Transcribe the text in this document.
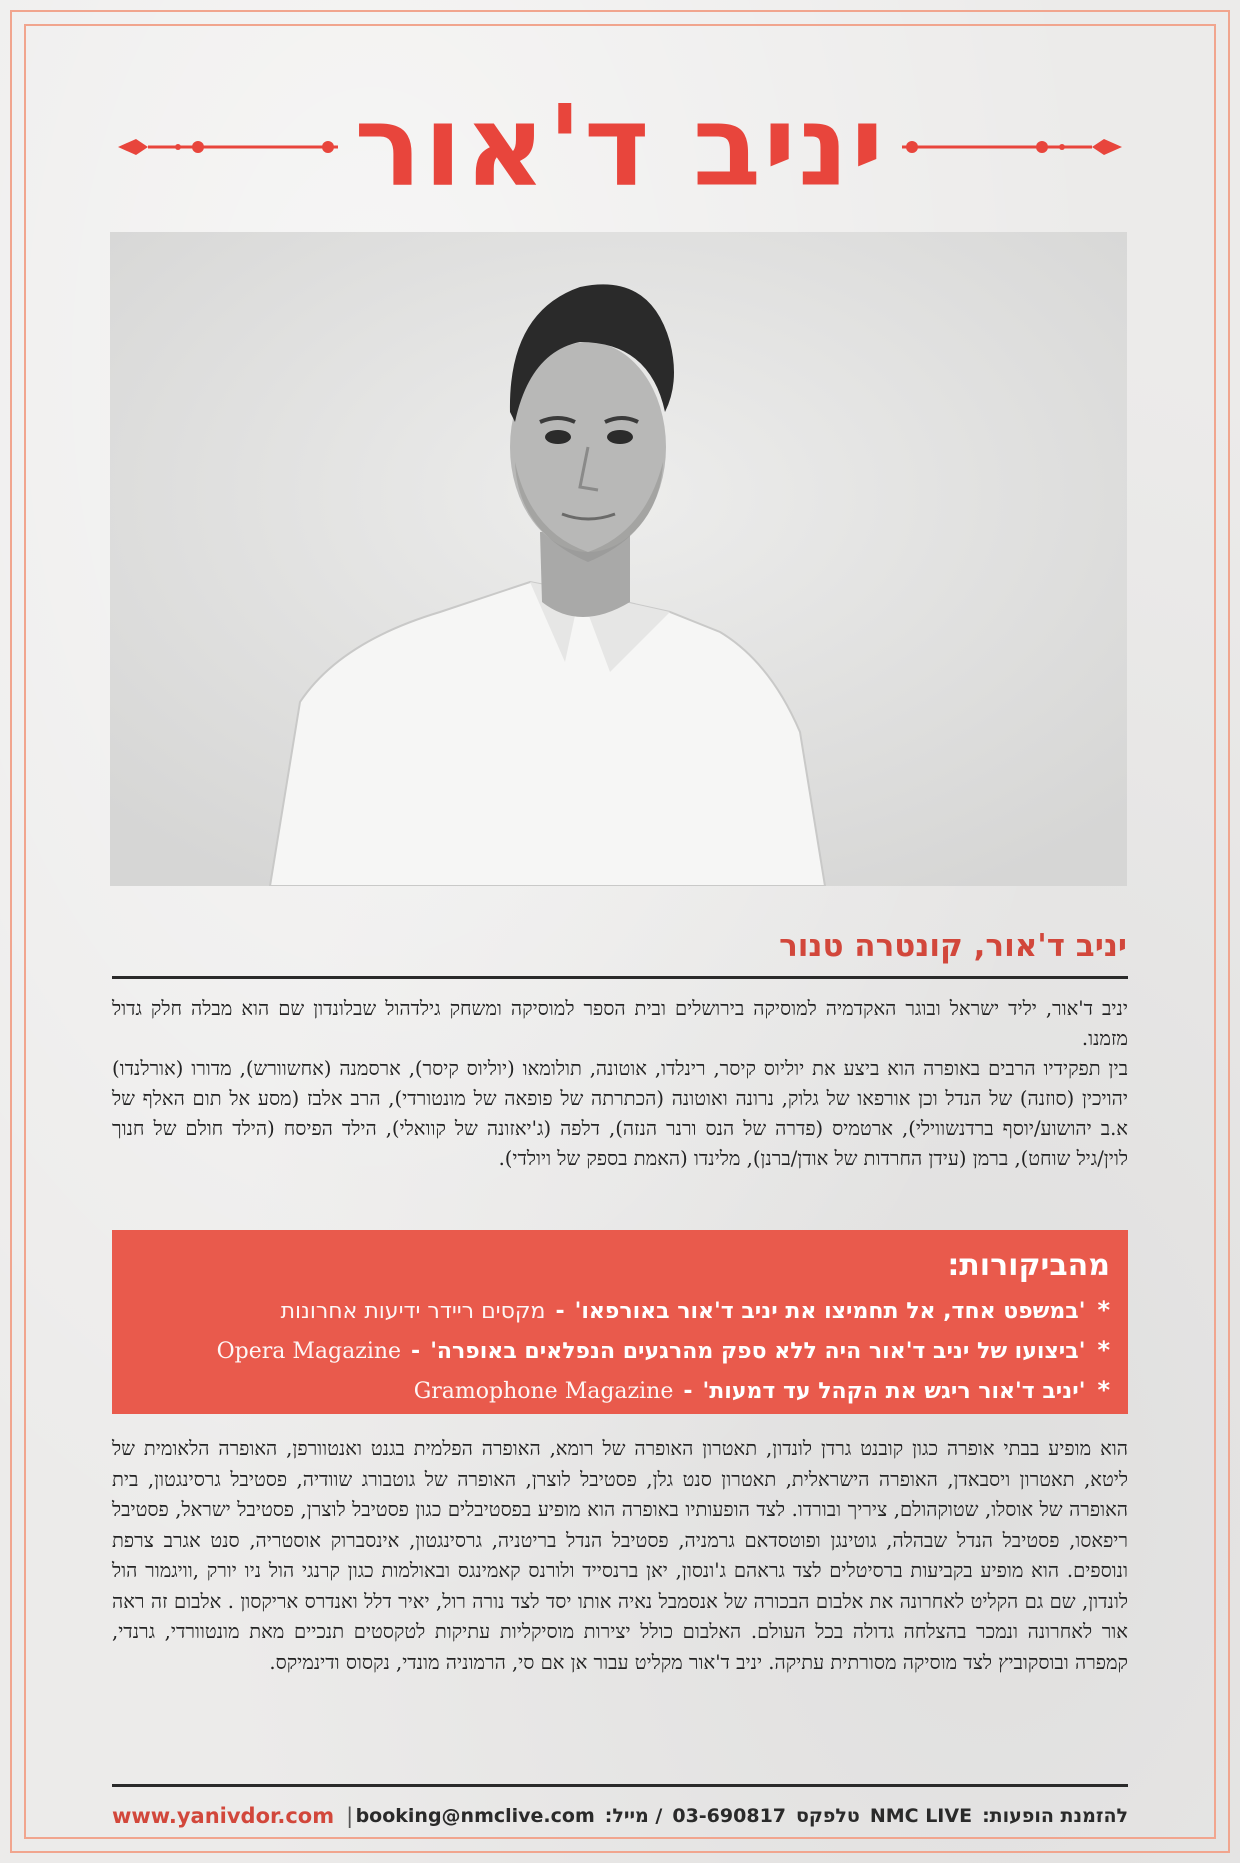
יניב ד'אור
יניב ד'אור, קונטרה טנור

יניב ד'אור, יליד ישראל ובוגר האקדמיה למוסיקה בירושלים ובית הספר למוסיקה ומשחק גילדהול שבלונדון שם הוא מבלה חלק גדול מזמנו.

בין תפקידיו הרבים באופרה הוא ביצע את יוליוס קיסר, רינלדו, אוטונה, תולומאו (יוליוס קיסר), ארסמנה (אחשוורש), מדורו (אורלנדו) יהויכין (סוזנה) של הנדל וכן אורפאו של גלוק, נרונה ואוטונה (הכתרתה של פופאה של מונטורדי), הרב אלבז (מסע אל תום האלף של א.ב יהושוע/יוסף ברדנשווילי), ארטמיס (פדרה של הנס ורנר הנזה), דלפה (ג'יאזונה של קוואלי), הילד הפיסח (הילד חולם של חנוך לוין/גיל שוחט), ברמן (עידן החרדות של אודן/ברנן), מלינדו (האמת בספק של ויולדי).

מהביקורות:
*
'במשפט אחד, אל תחמיצו את יניב ד'אור באורפאו'
-
מקסים ריידר ידיעות אחרונות
*
'ביצועו של יניב ד'אור היה ללא ספק מהרגעים הנפלאים באופרה'
-
Opera Magazine
*
'יניב ד'אור ריגש את הקהל עד דמעות'
-
Gramophone Magazine
הוא מופיע בבתי אופרה כגון קובנט גרדן לונדון, תאטרון האופרה של רומא, האופרה הפלמית בגנט ואנטוורפן, האופרה הלאומית של ליטא, תאטרון ויסבאדן, האופרה הישראלית, תאטרון סנט גלן, פסטיבל לוצרן, האופרה של גוטבורג שוודיה, פסטיבל גרסינגטון, בית האופרה של אוסלו, שטוקהולם, ציריך ובורדו. לצד הופעותיו באופרה הוא מופיע בפסטיבלים כגון פסטיבל לוצרן, פסטיבל ישראל, פסטיבל ריפאסו, פסטיבל הנדל שבהלה, גוטינגן ופוטסדאם גרמניה, פסטיבל הנדל בריטניה, גרסינגטון, אינסברוק אוסטריה, סנט אגרב צרפת ונוספים. הוא מופיע בקביעות ברסיטלים לצד גראהם ג'ונסון, יאן ברנסייד ולורנס קאמינגס ובאולמות כגון קרנגי הול ניו יורק ,וויגמור הול לונדון, שם גם הקליט לאחרונה את אלבום הבכורה של אנסמבל נאיה אותו יסד לצד נורה רול, יאיר דלל ואנדרס אריקסון . אלבום זה ראה אור לאחרונה ונמכר בהצלחה גדולה בכל העולם. האלבום כולל יצירות מוסיקליות עתיקות לטקסטים תנכיים מאת מונטוורדי, גרנדי, קמפרה ובוסקוביץ לצד מוסיקה מסורתית עתיקה. יניב ד'אור מקליט עבור אן אם סי, הרמוניה מונדי, נקסוס ודינמיקס.
www.yanivdor.com |	להזמנת הופעות:
NMC LIVE
טלפקס
03-690817
/ מייל:
booking@nmclive.com
